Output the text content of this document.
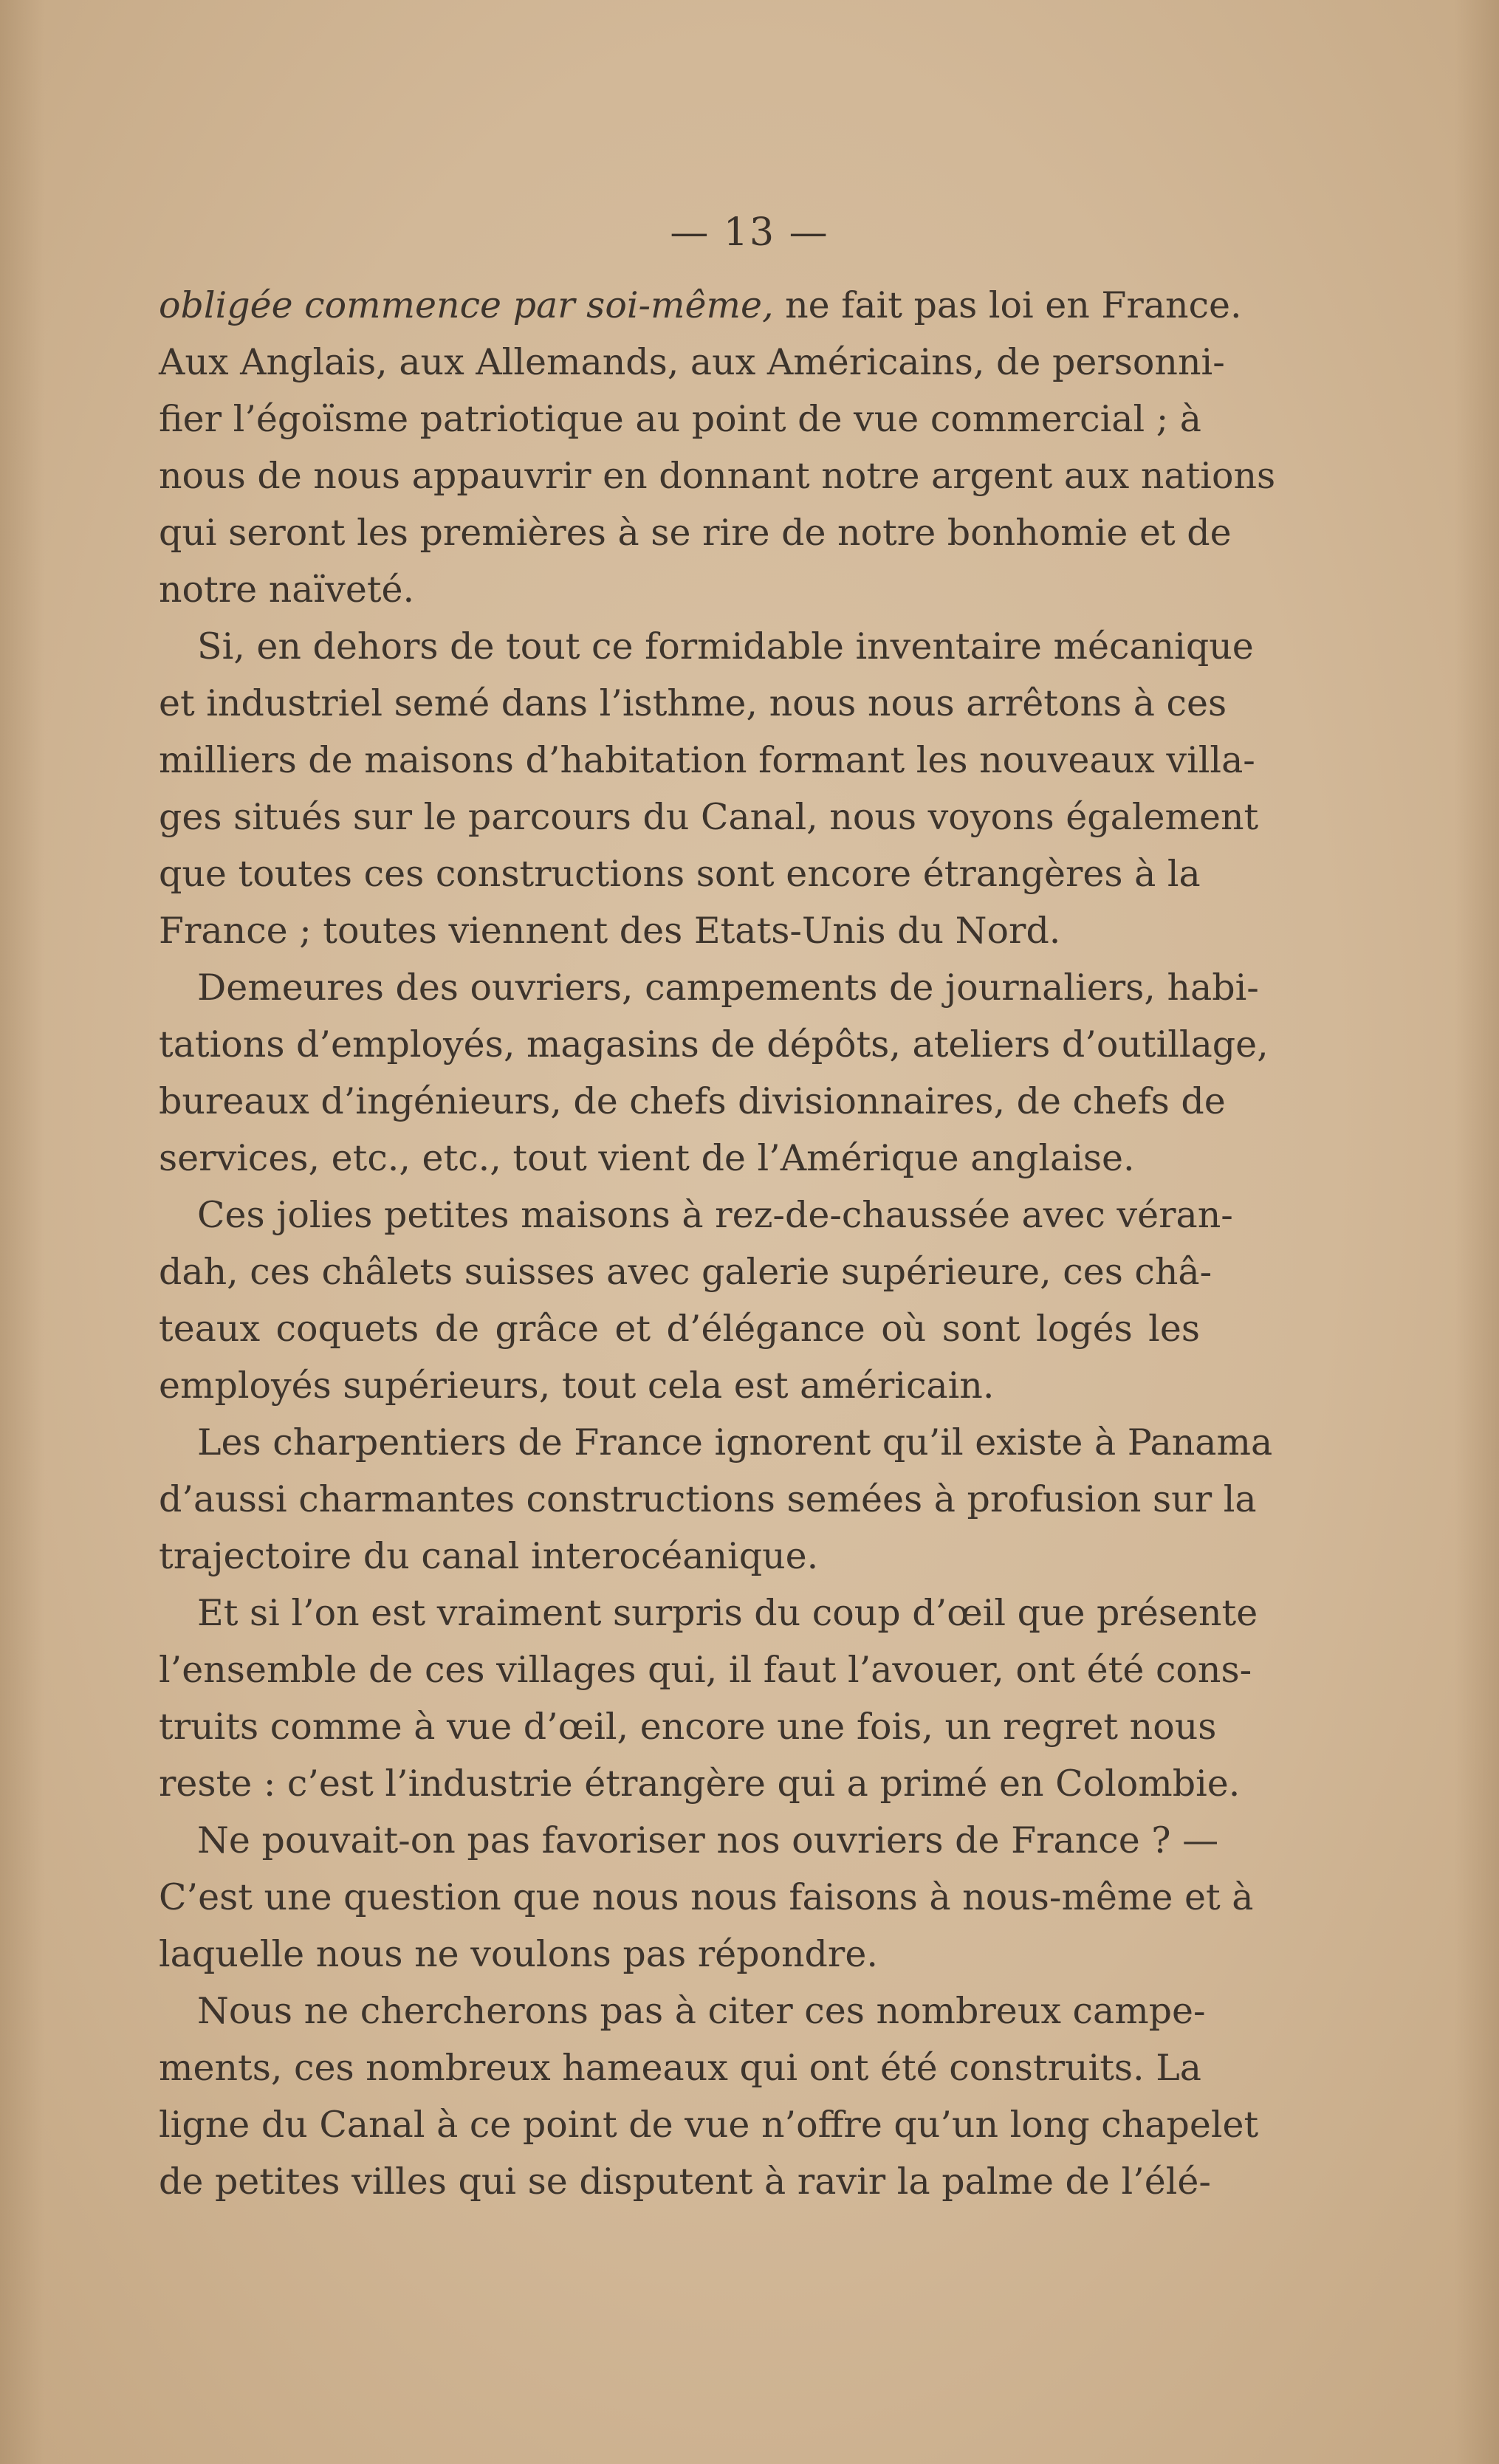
— 13 —
obligée commence par soi-même, ne fait pas loi en France.
Aux Anglais, aux Allemands, aux Américains, de personni-
fier l’égoïsme patriotique au point de vue commercial ; à
nous de nous appauvrir en donnant notre argent aux nations
qui seront les premières à se rire de notre bonhomie et de
notre naïveté.
Si, en dehors de tout ce formidable inventaire mécanique
et industriel semé dans l’isthme, nous nous arrêtons à ces
milliers de maisons d’habitation formant les nouveaux villa-
ges situés sur le parcours du Canal, nous voyons également
que toutes ces constructions sont encore étrangères à la
France ; toutes viennent des Etats-Unis du Nord.
Demeures des ouvriers, campements de journaliers, habi-
tations d’employés, magasins de dépôts, ateliers d’outillage,
bureaux d’ingénieurs, de chefs divisionnaires, de chefs de
services, etc., etc., tout vient de l’Amérique anglaise.
Ces jolies petites maisons à rez-de-chaussée avec véran-
dah, ces châlets suisses avec galerie supérieure, ces châ-
teaux coquets de grâce et d’élégance où sont logés les
employés supérieurs, tout cela est américain.
Les charpentiers de France ignorent qu’il existe à Panama
d’aussi charmantes constructions semées à profusion sur la
trajectoire du canal interocéanique.
Et si l’on est vraiment surpris du coup d’œil que présente
l’ensemble de ces villages qui, il faut l’avouer, ont été cons-
truits comme à vue d’œil, encore une fois, un regret nous
reste : c’est l’industrie étrangère qui a primé en Colombie.
Ne pouvait-on pas favoriser nos ouvriers de France ? —
C’est une question que nous nous faisons à nous-même et à
laquelle nous ne voulons pas répondre.
Nous ne chercherons pas à citer ces nombreux campe-
ments, ces nombreux hameaux qui ont été construits. La
ligne du Canal à ce point de vue n’offre qu’un long chapelet
de petites villes qui se disputent à ravir la palme de l’élé-
